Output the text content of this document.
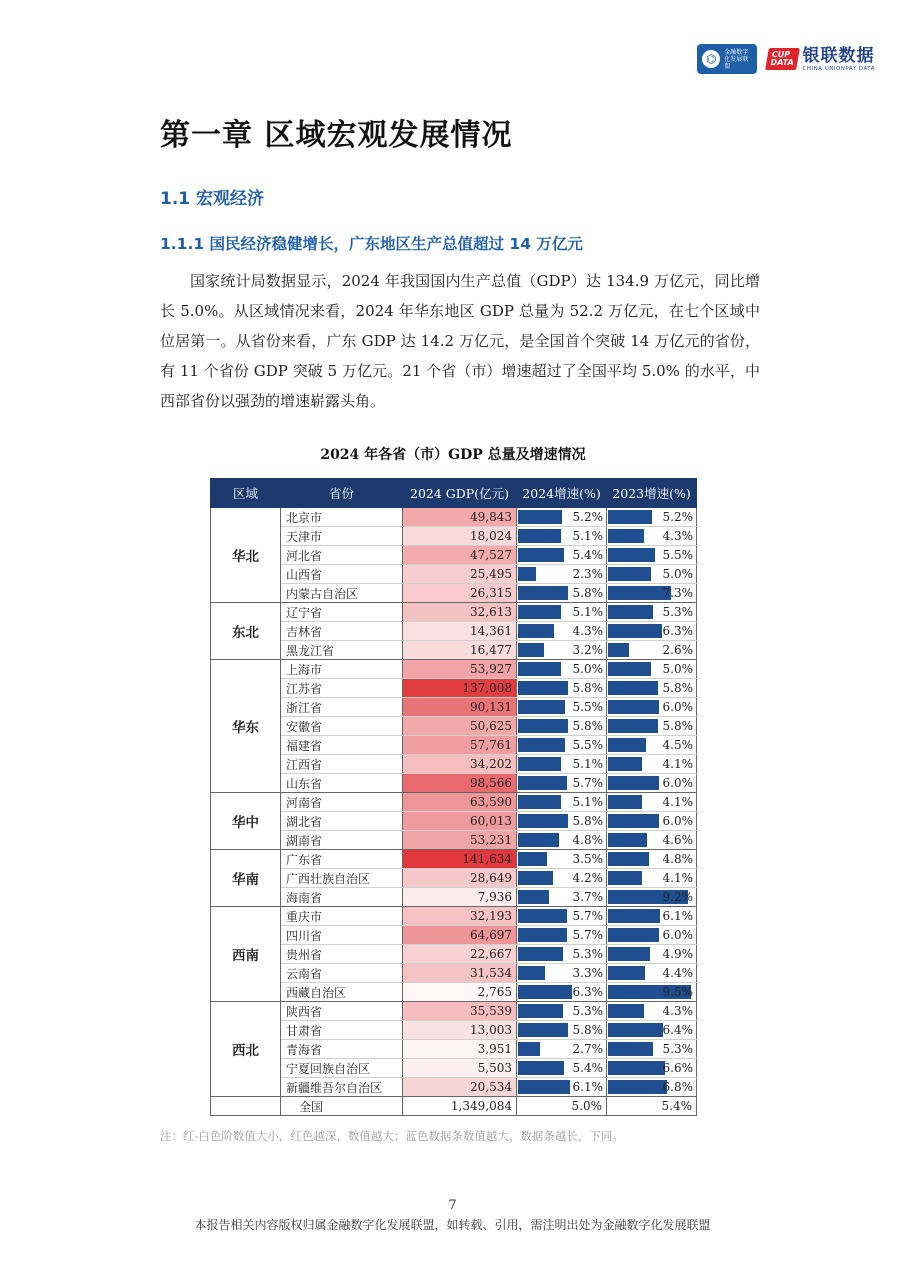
⌬	金融数字化发展联盟
CUP
DATA 银联数据
CHINA UNIONPAY DATA
第一章 区域宏观发展情况
1.1 宏观经济
1.1.1 国民经济稳健增长，广东地区生产总值超过 14 万亿元

国家统计局数据显示，2024 年我国国内生产总值（GDP）达 134.9 万亿元，同比增长 5.0%。从区域情况来看，2024 年华东地区 GDP 总量为 52.2 万亿元，在七个区域中位居第一。从省份来看，广东 GDP 达 14.2 万亿元，是全国首个突破 14 万亿元的省份，有 11 个省份 GDP 突破 5 万亿元。21 个省（市）增速超过了全国平均 5.0% 的水平，中西部省份以强劲的增速崭露头角。

2024 年各省（市）GDP 总量及增速情况
区域	省份	2024 GDP(亿元)	2024增速(%)	2023增速(%)
华北	北京市	49,843	5.2%	5.2%

	天津市	18,024	5.1%	4.3%

	河北省	47,527	5.4%	5.5%

	山西省	25,495	2.3%	5.0%

	内蒙古自治区	26,315	5.8%	7.3%

东北	辽宁省	32,613	5.1%	5.3%

	吉林省	14,361	4.3%	6.3%

	黑龙江省	16,477	3.2%	2.6%

华东	上海市	53,927	5.0%	5.0%

	江苏省	137,008	5.8%	5.8%

	浙江省	90,131	5.5%	6.0%

	安徽省	50,625	5.8%	5.8%

	福建省	57,761	5.5%	4.5%

	江西省	34,202	5.1%	4.1%

	山东省	98,566	5.7%	6.0%

华中	河南省	63,590	5.1%	4.1%

	湖北省	60,013	5.8%	6.0%

	湖南省	53,231	4.8%	4.6%

华南	广东省	141,634	3.5%	4.8%

	广西壮族自治区	28,649	4.2%	4.1%

	海南省	7,936	3.7%	9.2%

西南	重庆市	32,193	5.7%	6.1%

	四川省	64,697	5.7%	6.0%

	贵州省	22,667	5.3%	4.9%

	云南省	31,534	3.3%	4.4%

	西藏自治区	2,765	6.3%	9.5%

西北	陕西省	35,539	5.3%	4.3%

	甘肃省	13,003	5.8%	6.4%

	青海省	3,951	2.7%	5.3%

	宁夏回族自治区	5,503	5.4%	6.6%

	新疆维吾尔自治区	20,534	6.1%	6.8%

	全国	1,349,084	5.0%	5.4%
注：红-白色阶数值大小，红色越深，数值越大；蓝色数据条数值越大，数据条越长，下同。
7
本报告相关内容版权归属金融数字化发展联盟，如转载、引用，需注明出处为金融数字化发展联盟
